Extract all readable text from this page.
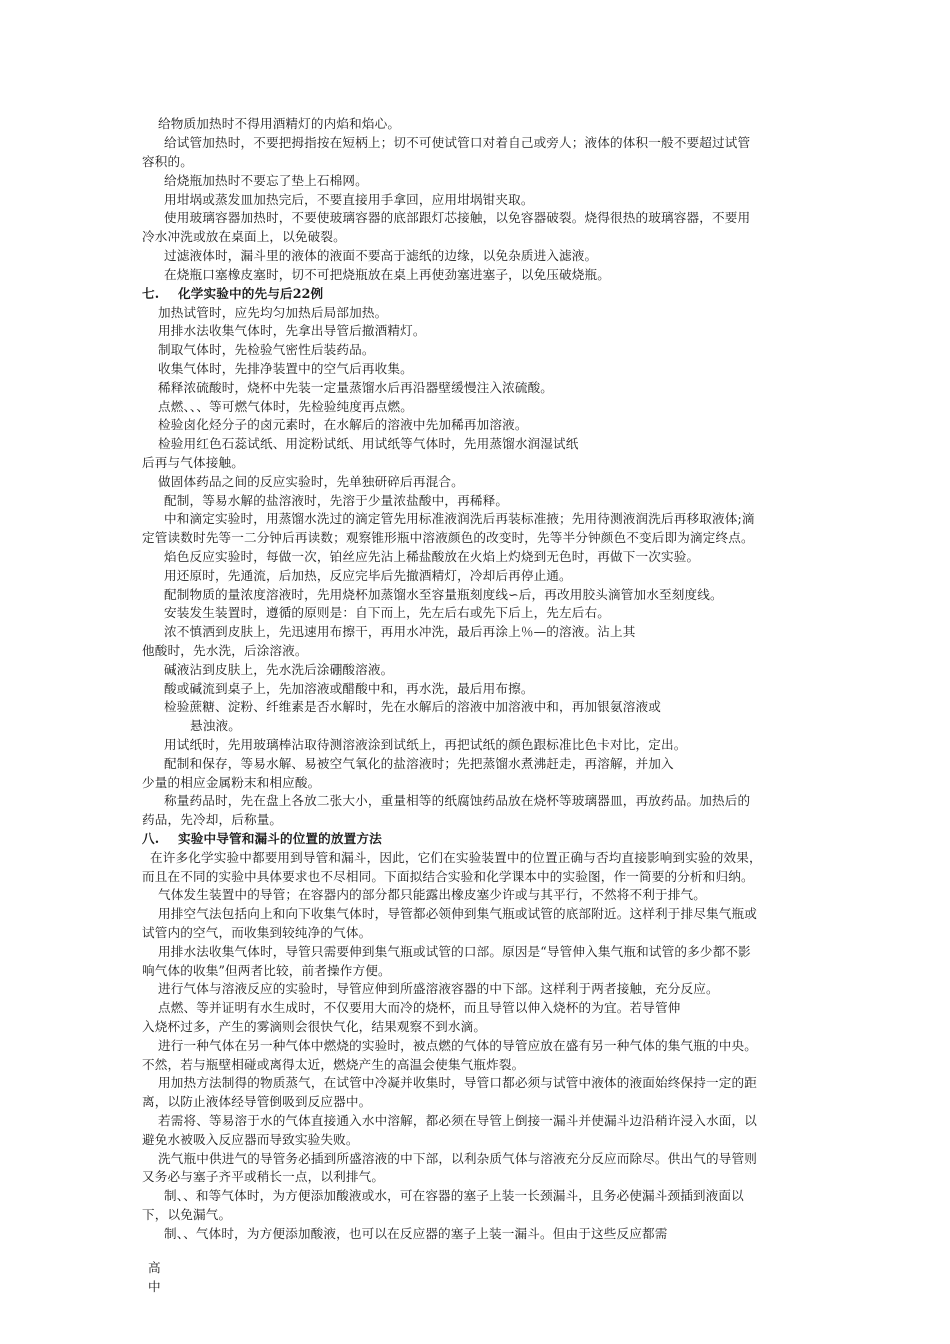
给物质加热时不得用酒精灯的内焰和焰心。
给试管加热时，不要把拇指按在短柄上；切不可使试管口对着自己或旁人；液体的体积一般不要超过试管
容积的。
给烧瓶加热时不要忘了垫上石棉网。
用坩埚或蒸发皿加热完后，不要直接用手拿回，应用坩埚钳夹取。
使用玻璃容器加热时，不要使玻璃容器的底部跟灯芯接触，以免容器破裂。烧得很热的玻璃容器，不要用
冷水冲洗或放在桌面上，以免破裂。
过滤液体时，漏斗里的液体的液面不要高于滤纸的边缘，以免杂质进入滤液。
在烧瓶口塞橡皮塞时，切不可把烧瓶放在桌上再使劲塞进塞子，以免压破烧瓶。
七. 化学实验中的先与后22例
加热试管时，应先均匀加热后局部加热。
用排水法收集气体时，先拿出导管后撤酒精灯。
制取气体时，先检验气密性后装药品。
收集气体时，先排净装置中的空气后再收集。
稀释浓硫酸时，烧杯中先装一定量蒸馏水后再沿器壁缓慢注入浓硫酸。
点燃、、、等可燃气体时，先检验纯度再点燃。
检验卤化烃分子的卤元素时，在水解后的溶液中先加稀再加溶液。
检验用红色石蕊试纸、用淀粉试纸、用试纸等气体时，先用蒸馏水润湿试纸
后再与气体接触。
做固体药品之间的反应实验时，先单独研碎后再混合。
配制，等易水解的盐溶液时，先溶于少量浓盐酸中，再稀释。
中和滴定实验时，用蒸馏水洗过的滴定管先用标准液润洗后再装标准掖；先用待测液润洗后再移取液体;滴
定管读数时先等一二分钟后再读数；观察锥形瓶中溶液颜色的改变时，先等半分钟颜色不变后即为滴定终点。
焰色反应实验时，每做一次，铂丝应先沾上稀盐酸放在火焰上灼烧到无色时，再做下一次实验。
用还原时，先通流，后加热，反应完毕后先撤酒精灯，冷却后再停止通。
配制物质的量浓度溶液时，先用烧杯加蒸馏水至容量瓶刻度线∽后，再改用胶头滴管加水至刻度线。
安装发生装置时，遵循的原则是：自下而上，先左后右或先下后上，先左后右。
浓不慎洒到皮肤上，先迅速用布擦干，再用水冲洗，最后再涂上％—的溶液。沾上其
他酸时，先水洗，后涂溶液。
碱液沾到皮肤上，先水洗后涂硼酸溶液。
酸或碱流到桌子上，先加溶液或醋酸中和，再水洗，最后用布擦。
检验蔗糖、淀粉、纤维素是否水解时，先在水解后的溶液中加溶液中和，再加银氨溶液或
悬浊液。
用试纸时，先用玻璃棒沾取待测溶液涂到试纸上，再把试纸的颜色跟标准比色卡对比，定出。
配制和保存，等易水解、易被空气氧化的盐溶液时；先把蒸馏水煮沸赶走，再溶解，并加入
少量的相应金属粉末和相应酸。
称量药品时，先在盘上各放二张大小，重量相等的纸腐蚀药品放在烧杯等玻璃器皿，再放药品。加热后的
药品，先冷却，后称量。
八. 实验中导管和漏斗的位置的放置方法
在许多化学实验中都要用到导管和漏斗，因此，它们在实验装置中的位置正确与否均直接影响到实验的效果，
而且在不同的实验中具体要求也不尽相同。下面拟结合实验和化学课本中的实验图，作一简要的分析和归纳。
气体发生装置中的导管；在容器内的部分都只能露出橡皮塞少许或与其平行，不然将不利于排气。
用排空气法包括向上和向下收集气体时，导管都必领伸到集气瓶或试管的底部附近。这样利于排尽集气瓶或
试管内的空气，而收集到较纯净的气体。
用排水法收集气体时，导管只需要伸到集气瓶或试管的口部。原因是“导管伸入集气瓶和试管的多少都不影
响气体的收集”但两者比较，前者操作方便。
进行气体与溶液反应的实验时，导管应伸到所盛溶液容器的中下部。这样利于两者接触，充分反应。
点燃、等并证明有水生成时，不仅要用大而冷的烧杯，而且导管以伸入烧杯的为宜。若导管伸
入烧杯过多，产生的雾滴则会很快气化，结果观察不到水滴。
进行一种气体在另一种气体中燃烧的实验时，被点燃的气体的导管应放在盛有另一种气体的集气瓶的中央。
不然，若与瓶壁相碰或离得太近，燃烧产生的高温会使集气瓶炸裂。
用加热方法制得的物质蒸气，在试管中冷凝并收集时，导管口都必须与试管中液体的液面始终保持一定的距
离，以防止液体经导管倒吸到反应器中。
若需将、等易溶于水的气体直接通入水中溶解，都必须在导管上倒接一漏斗并使漏斗边沿稍许浸入水面，以
避免水被吸入反应器而导致实验失败。
洗气瓶中供进气的导管务必插到所盛溶液的中下部，以利杂质气体与溶液充分反应而除尽。供出气的导管则
又务必与塞子齐平或稍长一点，以利排气。
制、、和等气体时，为方便添加酸液或水，可在容器的塞子上装一长颈漏斗，且务必使漏斗颈插到液面以
下，以免漏气。
制、、气体时，为方便添加酸液，也可以在反应器的塞子上装一漏斗。但由于这些反应都需
高
中
